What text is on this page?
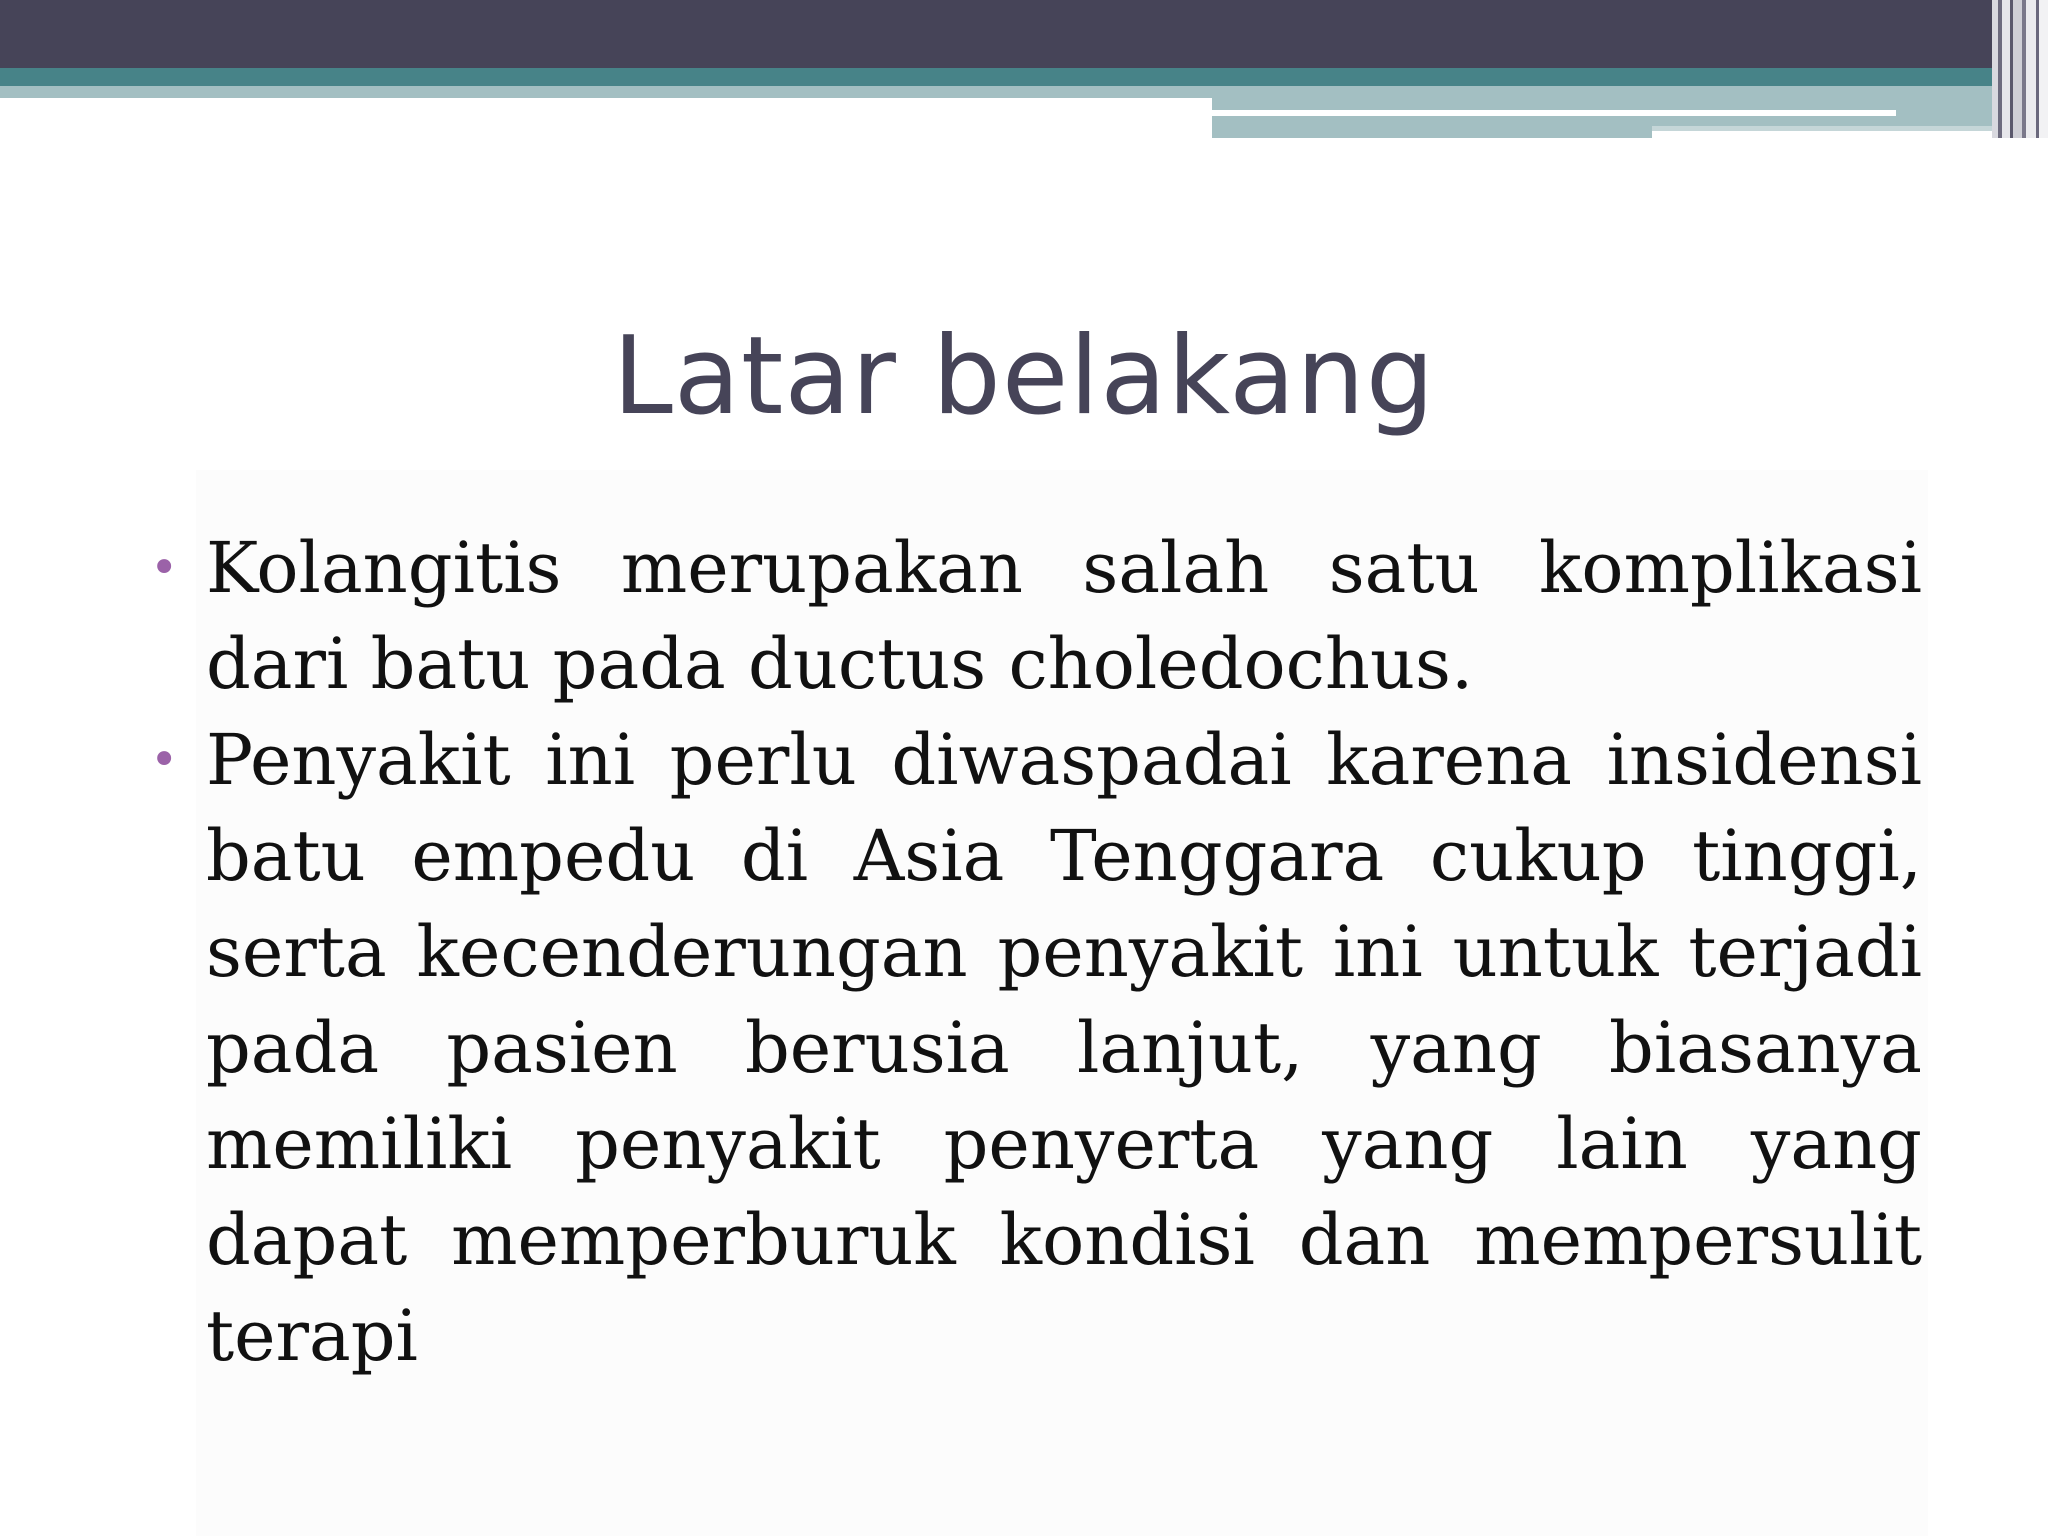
Latar belakang
• Kolangitis merupakan salah satu komplikasi dari batu pada ductus choledochus.
• Penyakit ini perlu diwaspadai karena insidensi batu empedu di Asia Tenggara cukup tinggi, serta kecenderungan penyakit ini untuk terjadi pada pasien berusia lanjut, yang biasanya memiliki penyakit penyerta yang lain yang dapat memperburuk kondisi dan mempersulit terapi
